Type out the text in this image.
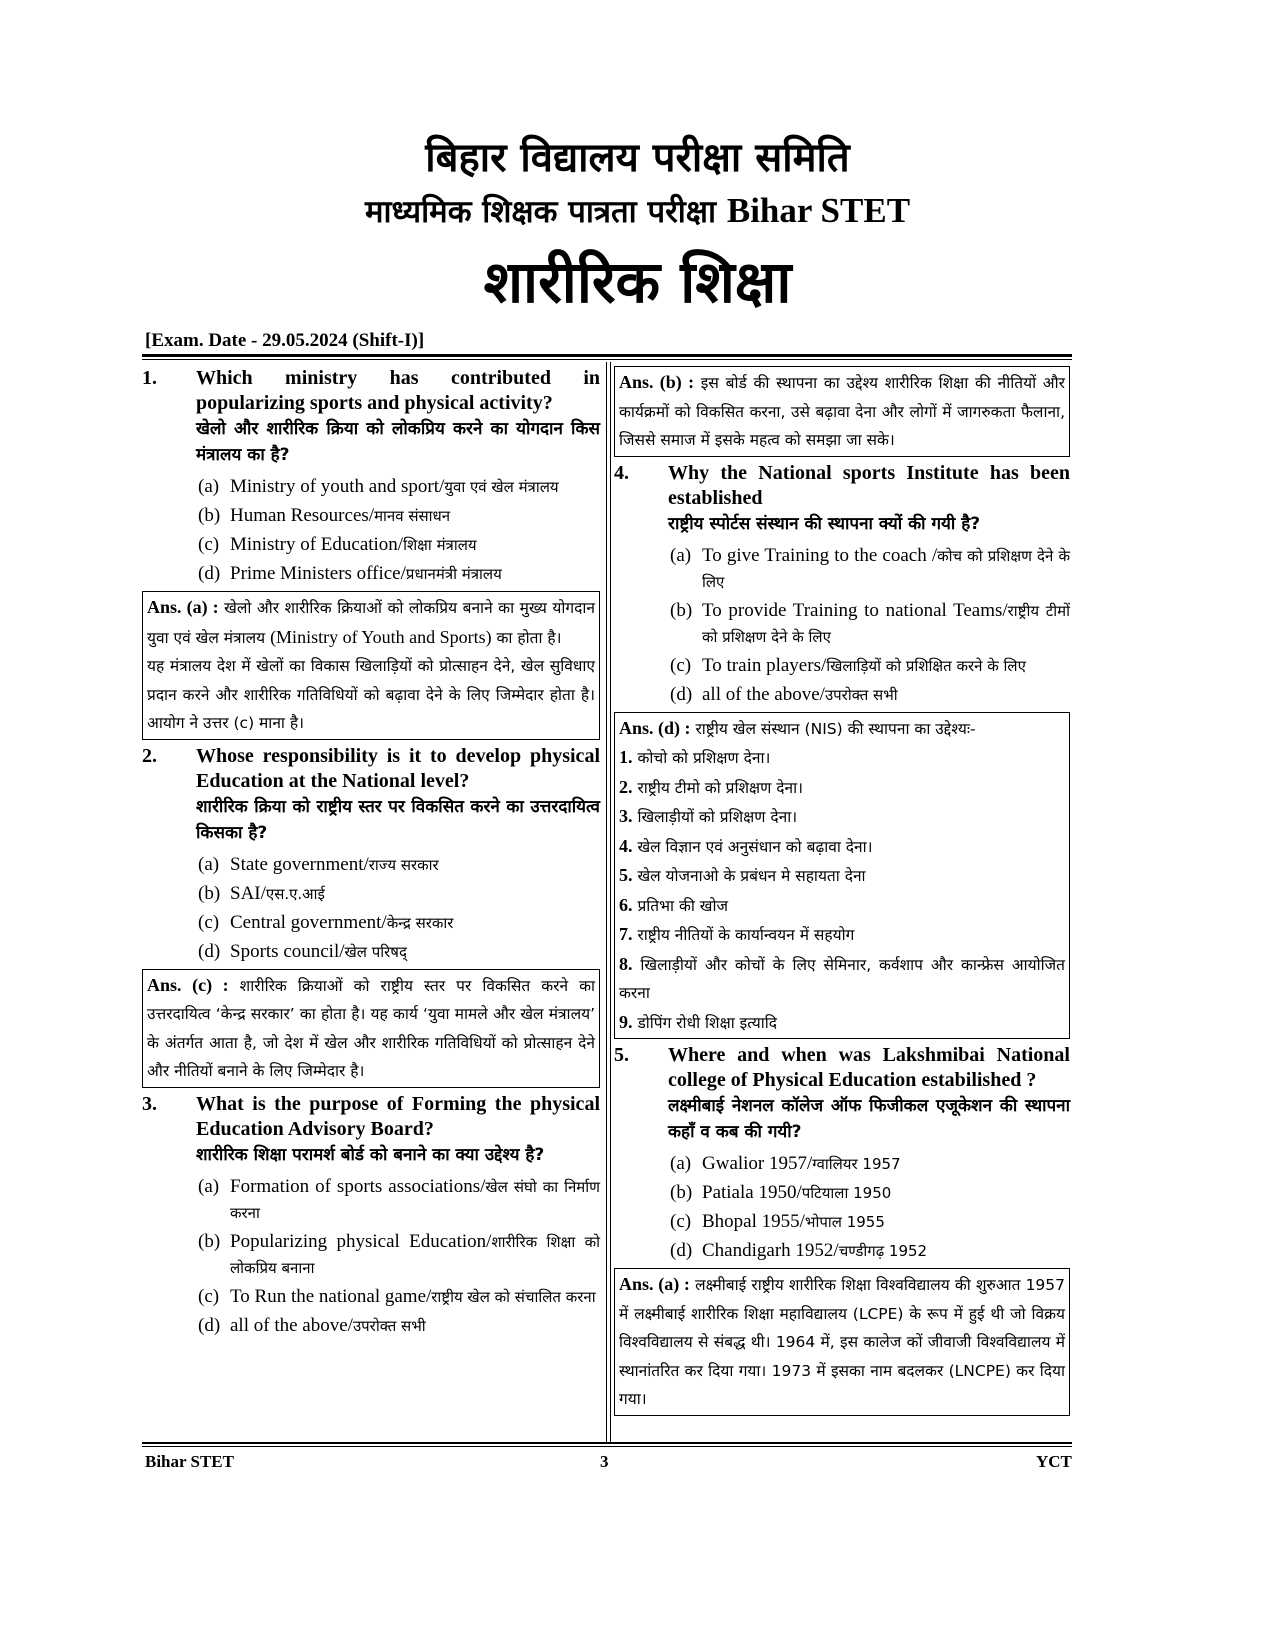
बिहार विद्यालय परीक्षा समिति
माध्यमिक शिक्षक पात्रता परीक्षा Bihar STET
शारीरिक शिक्षा
[Exam. Date - 29.05.2024 (Shift-I)]
1.	Which ministry has contributed in popularizing sports and physical activity?
खेलो और शारीरिक क्रिया को लोकप्रिय करने का योगदान किस मंत्रालय का है?
(a) Ministry of youth and sport/युवा एवं खेल मंत्रालय
(b) Human Resources/मानव संसाधन
(c) Ministry of Education/शिक्षा मंत्रालय
(d) Prime Ministers office/प्रधानमंत्री मंत्रालय
Ans. (a) : खेलो और शारीरिक क्रियाओं को लोकप्रिय बनाने का मुख्य योगदान युवा एवं खेल मंत्रालय (Ministry of Youth and Sports) का होता है।
यह मंत्रालय देश में खेलों का विकास खिलाड़ियों को प्रोत्साहन देने, खेल सुविधाए प्रदान करने और शारीरिक गतिविधियों को बढ़ावा देने के लिए जिम्मेदार होता है। आयोग ने उत्तर (c) माना है।
2.	Whose responsibility is it to develop physical Education at the National level?
शारीरिक क्रिया को राष्ट्रीय स्तर पर विकसित करने का उत्तरदायित्व किसका है?
(a) State government/राज्य सरकार
(b) SAI/एस.ए.आई
(c) Central government/केन्द्र सरकार
(d) Sports council/खेल परिषद्
Ans. (c) : शारीरिक क्रियाओं को राष्ट्रीय स्तर पर विकसित करने का उत्तरदायित्व ‘केन्द्र सरकार’ का होता है। यह कार्य ‘युवा मामले और खेल मंत्रालय’ के अंतर्गत आता है, जो देश में खेल और शारीरिक गतिविधियों को प्रोत्साहन देने और नीतियों बनाने के लिए जिम्मेदार है।
3.	What is the purpose of Forming the physical Education Advisory Board?
शारीरिक शिक्षा परामर्श बोर्ड को बनाने का क्या उद्देश्य है?
(a) Formation of sports associations/खेल संघो का निर्माण करना
(b) Popularizing physical Education/शारीरिक शिक्षा को लोकप्रिय बनाना
(c) To Run the national game/राष्ट्रीय खेल को संचालित करना
(d) all of the above/उपरोक्त सभी
Ans. (b) : इस बोर्ड की स्थापना का उद्देश्य शारीरिक शिक्षा की नीतियों और कार्यक्रमों को विकसित करना, उसे बढ़ावा देना और लोगों में जागरुकता फैलाना, जिससे समाज में इसके महत्व को समझा जा सके।
4.	Why the National sports Institute has been established
राष्ट्रीय स्पोर्टस संस्थान की स्थापना क्यों की गयी है?
(a) To give Training to the coach /कोच को प्रशिक्षण देने के लिए
(b) To provide Training to national Teams/राष्ट्रीय टीमों को प्रशिक्षण देने के लिए
(c) To train players/खिलाड़ियों को प्रशिक्षित करने के लिए
(d) all of the above/उपरोक्त सभी
Ans. (d) : राष्ट्रीय खेल संस्थान (NIS) की स्थापना का उद्देश्यः-
1. कोचो को प्रशिक्षण देना।
2. राष्ट्रीय टीमो को प्रशिक्षण देना।
3. खिलाड़ीयों को प्रशिक्षण देना।
4. खेल विज्ञान एवं अनुसंधान को बढ़ावा देना।
5. खेल योजनाओ के प्रबंधन मे सहायता देना
6. प्रतिभा की खोज
7. राष्ट्रीय नीतियों के कार्यान्वयन में सहयोग
8. खिलाड़ीयों और कोचों के लिए सेमिनार, कर्वशाप और कान्फ्रेस आयोजित करना
9. डोपिंग रोधी शिक्षा इत्यादि
5.	Where and when was Lakshmibai National college of Physical Education estabilished ?
लक्ष्मीबाई नेशनल कॉलेज ऑफ फिजीकल एजूकेशन की स्थापना कहाँ व कब की गयी?
(a) Gwalior 1957/ग्वालियर 1957
(b) Patiala 1950/पटियाला 1950
(c) Bhopal 1955/भोपाल 1955
(d) Chandigarh 1952/चण्डीगढ़ 1952
Ans. (a) : लक्ष्मीबाई राष्ट्रीय शारीरिक शिक्षा विश्वविद्यालय की शुरुआत 1957 में लक्ष्मीबाई शारीरिक शिक्षा महाविद्यालय (LCPE) के रूप में हुई थी जो विक्रय विश्वविद्यालय से संबद्ध थी। 1964 में, इस कालेज कों जीवाजी विश्वविद्यालय में स्थानांतरित कर दिया गया। 1973 में इसका नाम बदलकर (LNCPE) कर दिया गया।
Bihar STET	3	YCT
